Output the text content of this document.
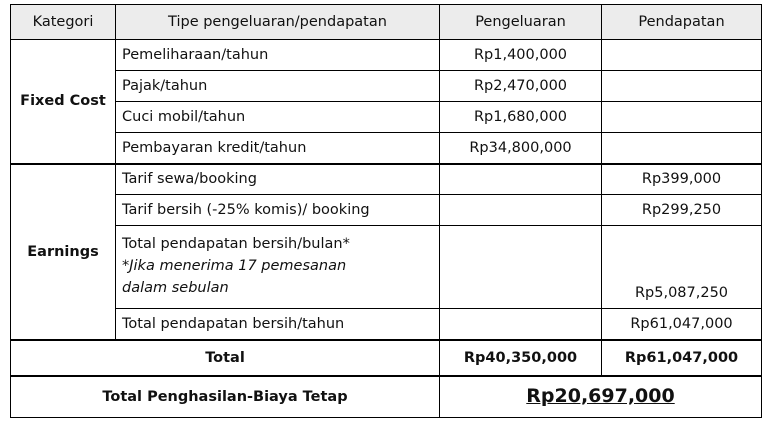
Kategori	Tipe pengeluaran/pendapatan	Pengeluaran	Pendapatan
Fixed Cost	Pemeliharaan/tahun	Rp1,400,000	
	Pajak/tahun	Rp2,470,000	
	Cuci mobil/tahun	Rp1,680,000	
	Pembayaran kredit/tahun	Rp34,800,000	
Earnings	Tarif sewa/booking		Rp399,000
	Tarif bersih (-25% komis)/ booking		Rp299,250

	Total pendapatan bersih/bulan*
*Jika menerima 17 pemesanan
dalam sebulan		Rp5,087,250
	Total pendapatan bersih/tahun		Rp61,047,000
Total		Rp40,350,000	Rp61,047,000
Total Penghasilan-Biaya Tetap		Rp20,697,000	
